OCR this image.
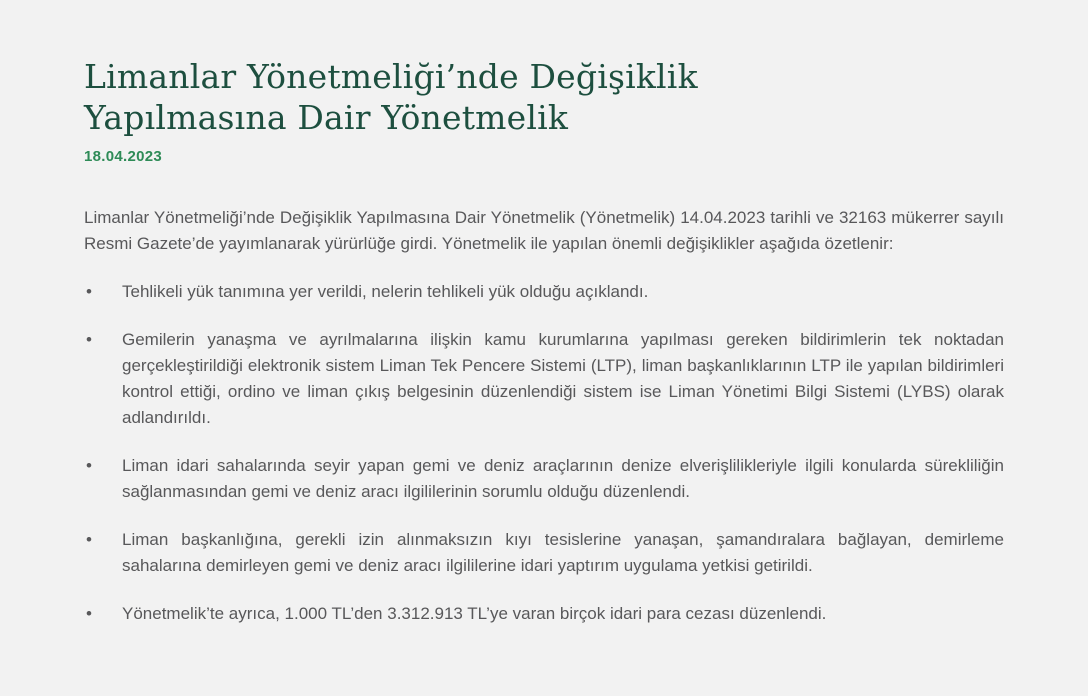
Limanlar Yönetmeliği’nde Değişiklik Yapılmasına Dair Yönetmelik
18.04.2023

Limanlar Yönetmeliği’nde Değişiklik Yapılmasına Dair Yönetmelik (Yönetmelik) 14.04.2023 tarihli ve 32163 mükerrer sayılı Resmi Gazete’de yayımlanarak yürürlüğe girdi. Yönetmelik ile yapılan önemli değişiklikler aşağıda özetlenir:

•	Tehlikeli yük tanımına yer verildi, nelerin tehlikeli yük olduğu açıklandı.
•	Gemilerin yanaşma ve ayrılmalarına ilişkin kamu kurumlarına yapılması gereken bildirimlerin tek noktadan gerçekleştirildiği elektronik sistem Liman Tek Pencere Sistemi (LTP), liman başkanlıklarının LTP ile yapılan bildirimleri kontrol ettiği, ordino ve liman çıkış belgesinin düzenlendiği sistem ise Liman Yönetimi Bilgi Sistemi (LYBS) olarak adlandırıldı.
•	Liman idari sahalarında seyir yapan gemi ve deniz araçlarının denize elverişlilikleriyle ilgili konularda sürekliliğin sağlanmasından gemi ve deniz aracı ilgililerinin sorumlu olduğu düzenlendi.
•	Liman başkanlığına, gerekli izin alınmaksızın kıyı tesislerine yanaşan, şamandıralara bağlayan, demirleme sahalarına demirleyen gemi ve deniz aracı ilgililerine idari yaptırım uygulama yetkisi getirildi.
•	Yönetmelik’te ayrıca, 1.000 TL’den 3.312.913 TL’ye varan birçok idari para cezası düzenlendi.
